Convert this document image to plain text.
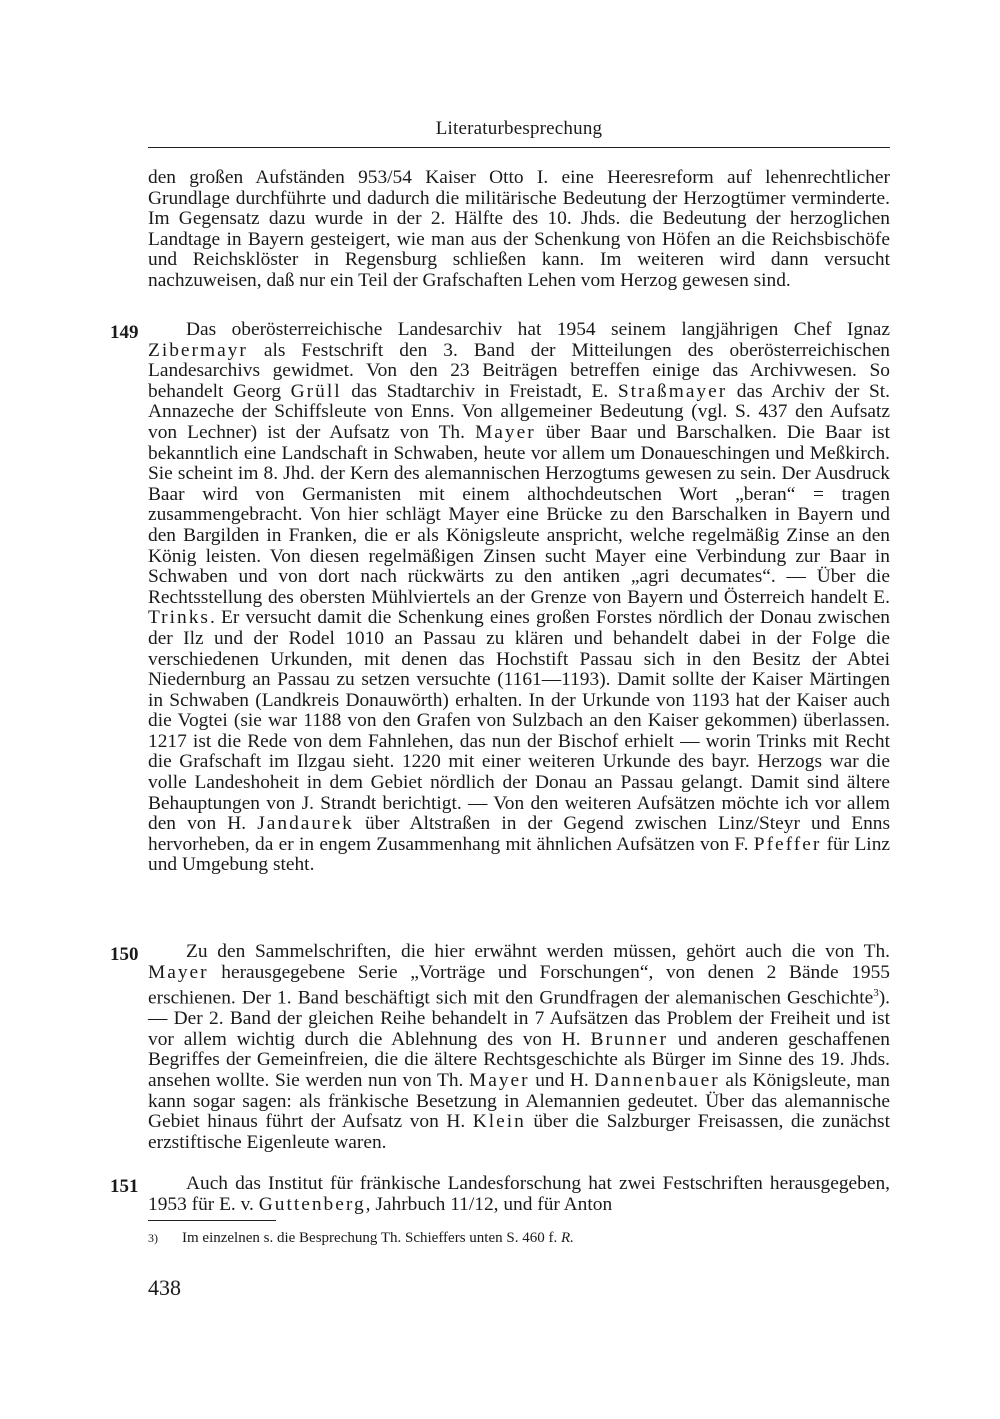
Literaturbesprechung
den großen Aufständen 953/54 Kaiser Otto I. eine Heeresreform auf lehenrechtlicher Grundlage durchführte und dadurch die militärische Bedeutung der Herzogtümer verminderte. Im Gegensatz dazu wurde in der 2. Hälfte des 10. Jhds. die Bedeutung der herzoglichen Landtage in Bayern gesteigert, wie man aus der Schenkung von Höfen an die Reichsbischöfe und Reichsklöster in Regensburg schließen kann. Im weiteren wird dann versucht nachzuweisen, daß nur ein Teil der Grafschaften Lehen vom Herzog gewesen sind.
149	Das oberösterreichische Landesarchiv hat 1954 seinem langjährigen Chef Ignaz Zibermayr als Festschrift den 3. Band der Mitteilungen des oberösterreichischen Landesarchivs gewidmet. Von den 23 Beiträgen betreffen einige das Archivwesen. So behandelt Georg Grüll das Stadtarchiv in Freistadt, E. Straßmayer das Archiv der St. Annazeche der Schiffsleute von Enns. Von allgemeiner Bedeutung (vgl. S. 437 den Aufsatz von Lechner) ist der Aufsatz von Th. Mayer über Baar und Barschalken. Die Baar ist bekanntlich eine Landschaft in Schwaben, heute vor allem um Donaueschingen und Meßkirch. Sie scheint im 8. Jhd. der Kern des alemannischen Herzogtums gewesen zu sein. Der Ausdruck Baar wird von Germanisten mit einem althochdeutschen Wort „beran“ = tragen zusammengebracht. Von hier schlägt Mayer eine Brücke zu den Barschalken in Bayern und den Bargilden in Franken, die er als Königsleute anspricht, welche regelmäßig Zinse an den König leisten. Von diesen regelmäßigen Zinsen sucht Mayer eine Verbindung zur Baar in Schwaben und von dort nach rückwärts zu den antiken „agri decumates“. — Über die Rechtsstellung des obersten Mühlviertels an der Grenze von Bayern und Österreich handelt E. Trinks. Er versucht damit die Schenkung eines großen Forstes nördlich der Donau zwischen der Ilz und der Rodel 1010 an Passau zu klären und behandelt dabei in der Folge die verschiedenen Urkunden, mit denen das Hochstift Passau sich in den Besitz der Abtei Niedernburg an Passau zu setzen versuchte (1161—1193). Damit sollte der Kaiser Märtingen in Schwaben (Landkreis Donauwörth) erhalten. In der Urkunde von 1193 hat der Kaiser auch die Vogtei (sie war 1188 von den Grafen von Sulzbach an den Kaiser gekommen) überlassen. 1217 ist die Rede von dem Fahnlehen, das nun der Bischof erhielt — worin Trinks mit Recht die Grafschaft im Ilzgau sieht. 1220 mit einer weiteren Urkunde des bayr. Herzogs war die volle Landeshoheit in dem Gebiet nördlich der Donau an Passau gelangt. Damit sind ältere Behauptungen von J. Strandt berichtigt. — Von den weiteren Aufsätzen möchte ich vor allem den von H. Jandaurek über Altstraßen in der Gegend zwischen Linz/Steyr und Enns hervorheben, da er in engem Zusammenhang mit ähnlichen Aufsätzen von F. Pfeffer für Linz und Umgebung steht.
150	Zu den Sammelschriften, die hier erwähnt werden müssen, gehört auch die von Th. Mayer herausgegebene Serie „Vorträge und Forschungen“, von denen 2 Bände 1955 erschienen. Der 1. Band beschäftigt sich mit den Grundfragen der alemanischen Geschichte$^3$). — Der 2. Band der gleichen Reihe behandelt in 7 Aufsätzen das Problem der Freiheit und ist vor allem wichtig durch die Ablehnung des von H. Brunner und anderen geschaffenen Begriffes der Gemeinfreien, die die ältere Rechtsgeschichte als Bürger im Sinne des 19. Jhds. ansehen wollte. Sie werden nun von Th. Mayer und H. Dannenbauer als Königsleute, man kann sogar sagen: als fränkische Besetzung in Alemannien gedeutet. Über das alemannische Gebiet hinaus führt der Aufsatz von H. Klein über die Salzburger Freisassen, die zunächst erzstiftische Eigenleute waren.
151	Auch das Institut für fränkische Landesforschung hat zwei Festschriften herausgegeben, 1953 für E. v. Guttenberg, Jahrbuch 11/12, und für Anton
3) Im einzelnen s. die Besprechung Th. Schieffers unten S. 460 f. R.
438
